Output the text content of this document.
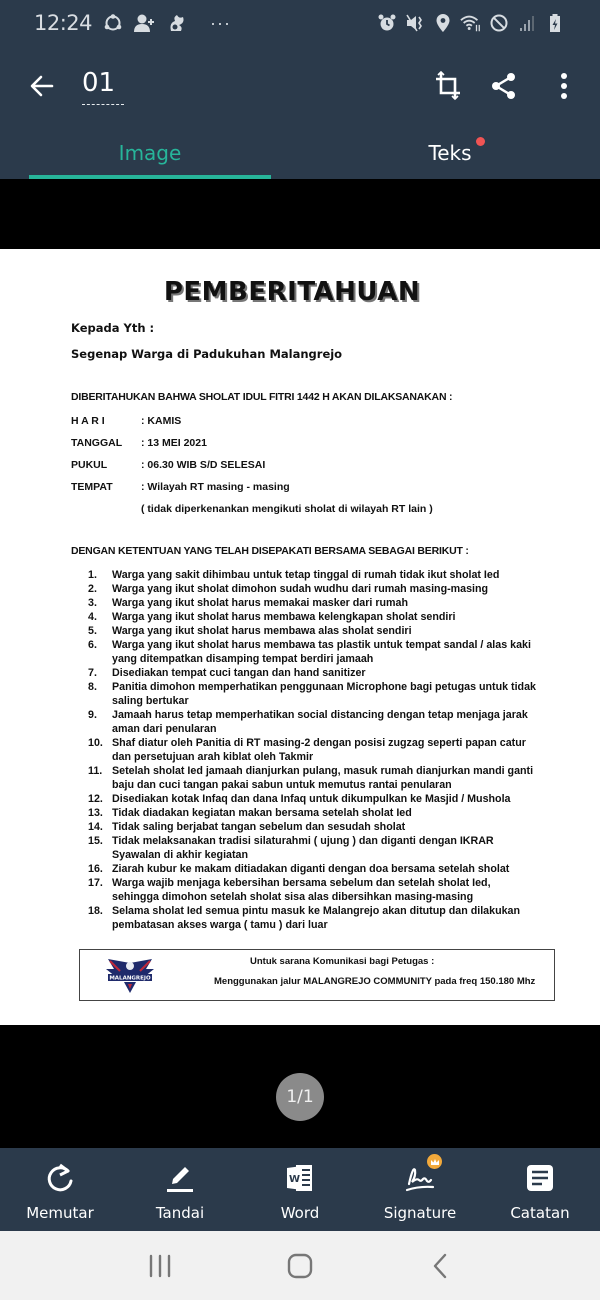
12:24	···
01
Image	Teks
PEMBERITAHUAN
Kepada Yth :
Segenap Warga di Padukuhan Malangrejo
DIBERITAHUKAN BAHWA SHOLAT IDUL FITRI 1442 H AKAN DILAKSANAKAN :
H A R I	: KAMIS
TANGGAL	: 13 MEI 2021
PUKUL	: 06.30 WIB S/D SELESAI
TEMPAT	: Wilayah RT masing - masing
( tidak diperkenankan mengikuti sholat di wilayah RT lain )
DENGAN KETENTUAN YANG TELAH DISEPAKATI BERSAMA SEBAGAI BERIKUT :
1.	Warga yang sakit dihimbau untuk tetap tinggal di rumah tidak ikut sholat Ied
2.	Warga yang ikut sholat dimohon sudah wudhu dari rumah masing-masing
3.	Warga yang ikut sholat harus memakai masker dari rumah
4.	Warga yang ikut sholat harus membawa kelengkapan sholat sendiri
5.	Warga yang ikut sholat harus membawa alas sholat sendiri
6.	Warga yang ikut sholat harus membawa tas plastik untuk tempat sandal / alas kaki yang ditempatkan disamping tempat berdiri jamaah
7.	Disediakan tempat cuci tangan dan hand sanitizer
8.	Panitia dimohon memperhatikan penggunaan Microphone bagi petugas untuk tidak saling bertukar
9.	Jamaah harus tetap memperhatikan social distancing dengan tetap menjaga jarak aman dari penularan
10. Shaf diatur oleh Panitia di RT masing-2 dengan posisi zugzag seperti papan catur dan persetujuan arah kiblat oleh Takmir
11. Setelah sholat Ied jamaah dianjurkan pulang, masuk rumah dianjurkan mandi ganti baju dan cuci tangan pakai sabun untuk memutus rantai penularan
12. Disediakan kotak Infaq dan dana Infaq untuk dikumpulkan ke Masjid / Mushola
13. Tidak diadakan kegiatan makan bersama setelah sholat Ied
14. Tidak saling berjabat tangan sebelum dan sesudah sholat
15. Tidak melaksanakan tradisi silaturahmi ( ujung ) dan diganti dengan IKRAR Syawalan di akhir kegiatan
16. Ziarah kubur ke makam ditiadakan diganti dengan doa bersama setelah sholat
17. Warga wajib menjaga kebersihan bersama sebelum dan setelah sholat Ied, sehingga dimohon setelah sholat sisa alas dibersihkan masing-masing
18. Selama sholat Ied semua pintu masuk ke Malangrejo akan ditutup dan dilakukan pembatasan akses warga ( tamu ) dari luar
MALANGREJO
Untuk sarana Komunikasi bagi Petugas :
Menggunakan jalur MALANGREJO COMMUNITY pada freq 150.180 Mhz
1/1
Memutar	Tandai
W
Word	Signature	Catatan
